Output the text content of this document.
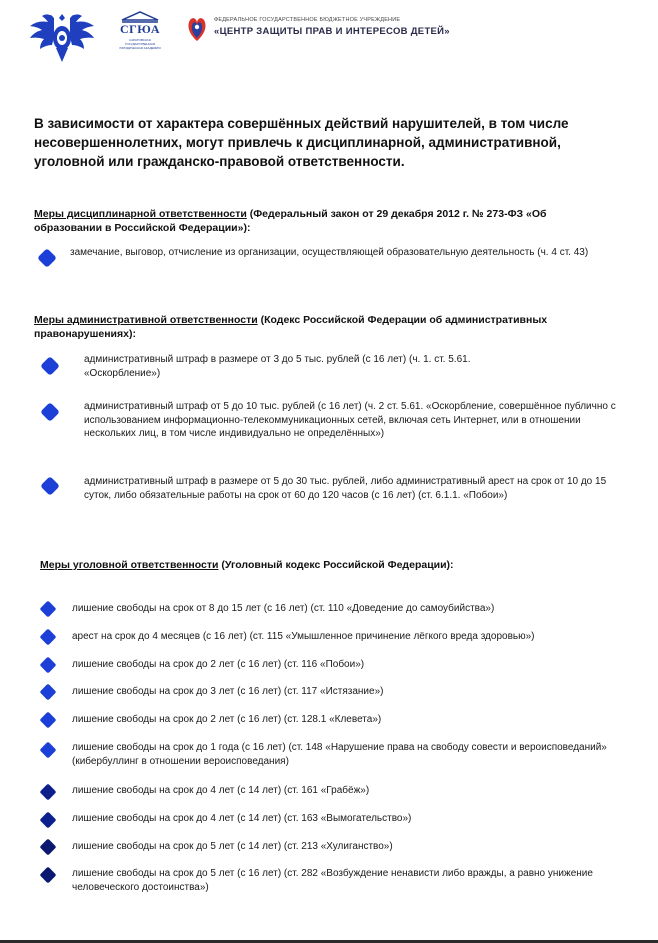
СГЮА
САРАТОВСКАЯ ГОСУДАРСТВЕННАЯ ЮРИДИЧЕСКАЯ АКАДЕМИЯ
ФЕДЕРАЛЬНОЕ ГОСУДАРСТВЕННОЕ БЮДЖЕТНОЕ УЧРЕЖДЕНИЕ
«ЦЕНТР ЗАЩИТЫ ПРАВ И ИНТЕРЕСОВ ДЕТЕЙ»
В зависимости от характера совершённых действий нарушителей, в том числе несовершеннолетних, могут привлечь к дисциплинарной, административной, уголовной или гражданско-правовой ответственности.
Меры дисциплинарной ответственности (Федеральный закон от 29 декабря 2012 г. № 273-ФЗ «Об образовании в Российской Федерации»):
замечание, выговор, отчисление из организации, осуществляющей образовательную деятельность (ч. 4 ст. 43)
Меры административной ответственности (Кодекс Российской Федерации об административных правонарушениях):
административный штраф в размере от 3 до 5 тыс. рублей (с 16 лет) (ч. 1. ст. 5.61. «Оскорбление»)
административный штраф от 5 до 10 тыс. рублей (с 16 лет) (ч. 2 ст. 5.61. «Оскорбление, совершённое публично с использованием информационно-телекоммуникационных сетей, включая сеть Интернет, или в отношении нескольких лиц, в том числе индивидуально не определённых»)
административный штраф в размере от 5 до 30 тыс. рублей, либо административный арест на срок от 10 до 15 суток, либо обязательные работы на срок от 60 до 120 часов (с 16 лет) (ст. 6.1.1. «Побои»)
Меры уголовной ответственности (Уголовный кодекс Российской Федерации):
лишение свободы на срок от 8 до 15 лет (с 16 лет) (ст. 110 «Доведение до самоубийства»)
арест на срок до 4 месяцев (с 16 лет) (ст. 115 «Умышленное причинение лёгкого вреда здоровью»)
лишение свободы на срок до 2 лет (с 16 лет) (ст. 116 «Побои»)
лишение свободы на срок до 3 лет (с 16 лет) (ст. 117 «Истязание»)
лишение свободы на срок до 2 лет (с 16 лет) (ст. 128.1 «Клевета»)
лишение свободы на срок до 1 года (с 16 лет) (ст. 148 «Нарушение права на свободу совести и вероисповеданий» (кибербуллинг в отношении вероисповедания)
лишение свободы на срок до 4 лет (с 14 лет) (ст. 161 «Грабёж»)
лишение свободы на срок до 4 лет (с 14 лет) (ст. 163 «Вымогательство»)
лишение свободы на срок до 5 лет (с 14 лет) (ст. 213 «Хулиганство»)
лишение свободы на срок до 5 лет (с 16 лет) (ст. 282 «Возбуждение ненависти либо вражды, а равно унижение человеческого достоинства»)
